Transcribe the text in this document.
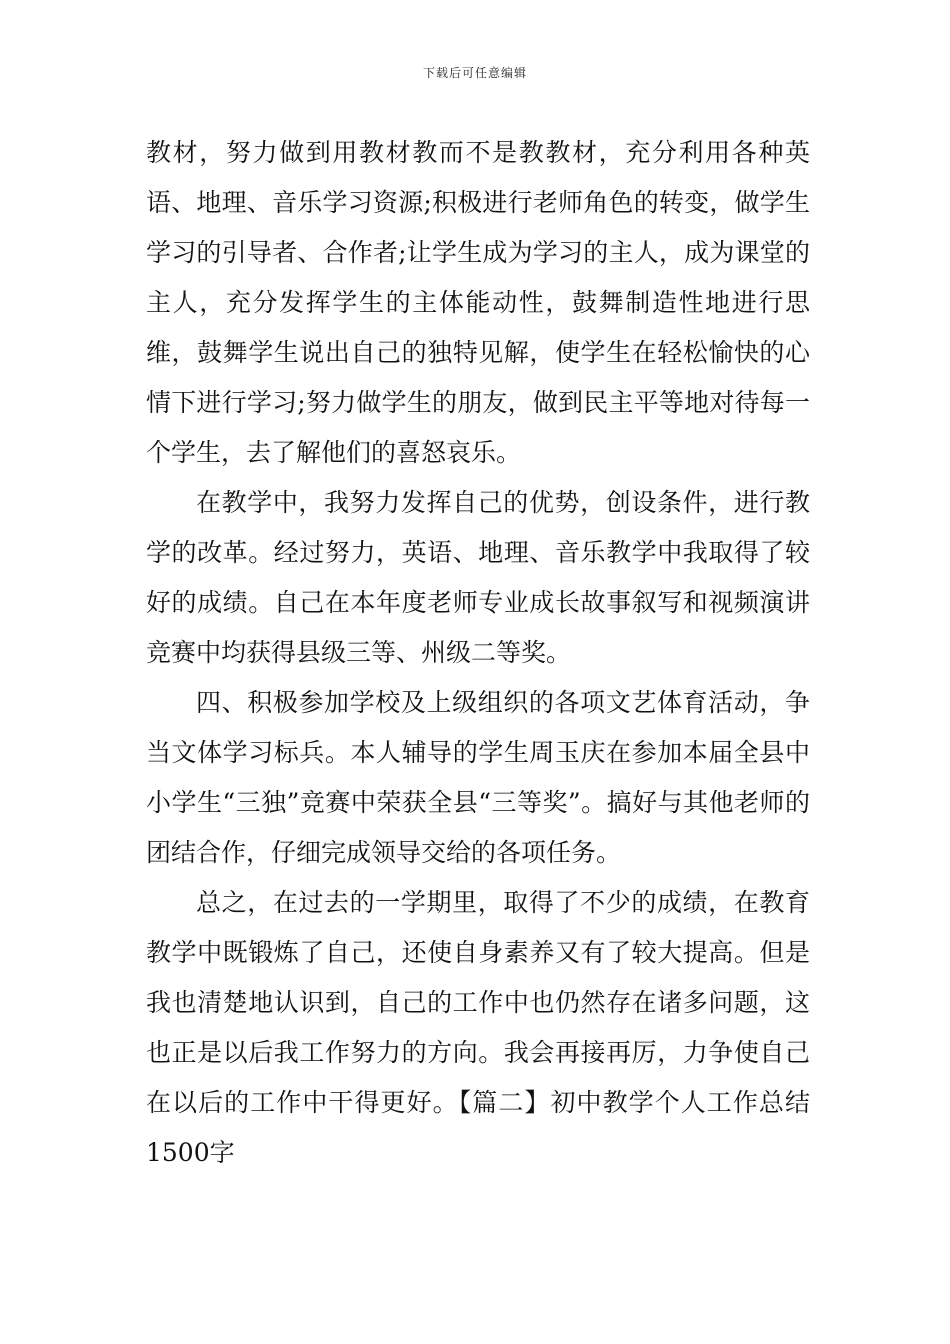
下载后可任意编辑

教材，努力做到用教材教而不是教教材，充分利用各种英语、地理、音乐学习资源;积极进行老师角色的转变，做学生学习的引导者、合作者;让学生成为学习的主人，成为课堂的主人，充分发挥学生的主体能动性，鼓舞制造性地进行思维，鼓舞学生说出自己的独特见解，使学生在轻松愉快的心情下进行学习;努力做学生的朋友，做到民主平等地对待每一个学生，去了解他们的喜怒哀乐。

在教学中，我努力发挥自己的优势，创设条件，进行教学的改革。经过努力，英语、地理、音乐教学中我取得了较好的成绩。自己在本年度老师专业成长故事叙写和视频演讲竞赛中均获得县级三等、州级二等奖。

四、积极参加学校及上级组织的各项文艺体育活动，争当文体学习标兵。本人辅导的学生周玉庆在参加本届全县中小学生“三独”竞赛中荣获全县“三等奖”。搞好与其他老师的团结合作，仔细完成领导交给的各项任务。

总之，在过去的一学期里，取得了不少的成绩，在教育教学中既锻炼了自己，还使自身素养又有了较大提高。但是我也清楚地认识到，自己的工作中也仍然存在诸多问题，这也正是以后我工作努力的方向。我会再接再厉，力争使自己在以后的工作中干得更好。【篇二】初中教学个人工作总结1500字
